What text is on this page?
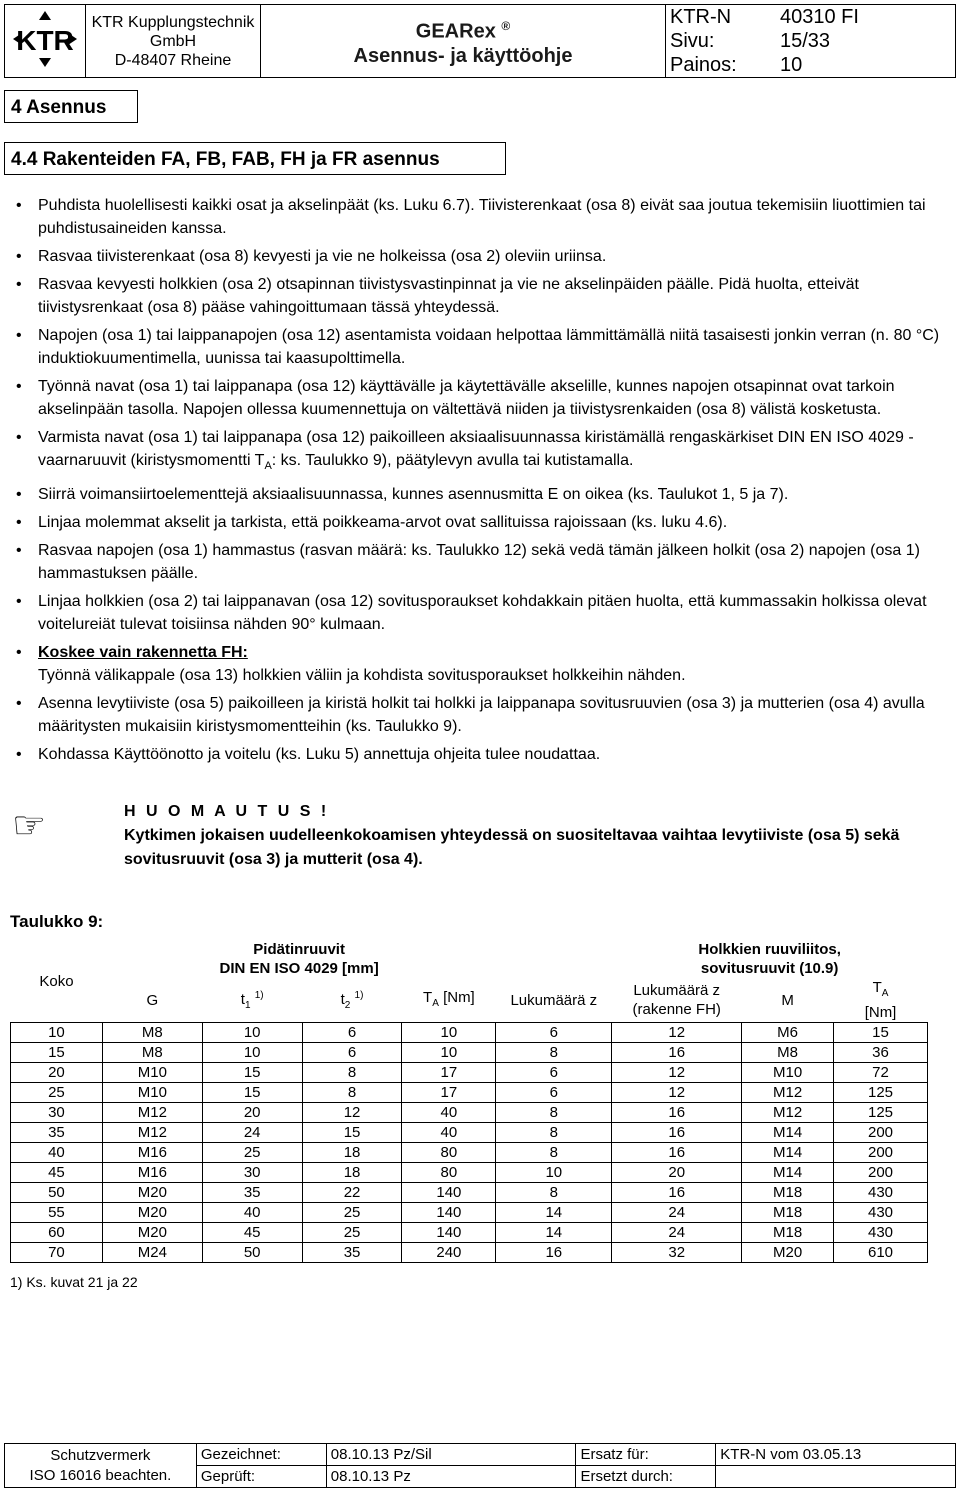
KTR

KTR Kupplungstechnik
GmbH
D-48407 Rheine

GEARex ®
Asennus- ja käyttöohje

KTR-N	40310 FI
Sivu:	15/33
Painos:	10
4 Asennus
4.4 Rakenteiden FA, FB, FAB, FH ja FR asennus
• Puhdista huolellisesti kaikki osat ja akselinpäät (ks. Luku 6.7). Tiivisterenkaat (osa 8) eivät saa joutua tekemisiin liuottimien tai puhdistusaineiden kanssa.
• Rasvaa tiivisterenkaat (osa 8) kevyesti ja vie ne holkeissa (osa 2) oleviin uriinsa.
• Rasvaa kevyesti holkkien (osa 2) otsapinnan tiivistysvastinpinnat ja vie ne akselinpäiden päälle. Pidä huolta, etteivät tiivistysrenkaat (osa 8) pääse vahingoittumaan tässä yhteydessä.
• Napojen (osa 1) tai laippanapojen (osa 12) asentamista voidaan helpottaa lämmittämällä niitä tasaisesti jonkin verran (n. 80 °C) induktiokuumentimella, uunissa tai kaasupolttimella.
• Työnnä navat (osa 1) tai laippanapa (osa 12) käyttävälle ja käytettävälle akselille, kunnes napojen otsapinnat ovat tarkoin akselinpään tasolla. Napojen ollessa kuumennettuja on vältettävä niiden ja tiivistysrenkaiden (osa 8) välistä kosketusta.
• Varmista navat (osa 1) tai laippanapa (osa 12) paikoilleen aksiaalisuunnassa kiristämällä rengaskärkiset DIN EN ISO 4029 -vaarnaruuvit (kiristysmomentti $T_A$: ks. Taulukko 9), päätylevyn avulla tai kutistamalla.
• Siirrä voimansiirtoelementtejä aksiaalisuunnassa, kunnes asennusmitta E on oikea (ks. Taulukot 1, 5 ja 7).
• Linjaa molemmat akselit ja tarkista, että poikkeama-arvot ovat sallituissa rajoissaan (ks. luku 4.6).
• Rasvaa napojen (osa 1) hammastus (rasvan määrä: ks. Taulukko 12) sekä vedä tämän jälkeen holkit (osa 2) napojen (osa 1) hammastuksen päälle.
• Linjaa holkkien (osa 2) tai laippanavan (osa 12) sovitusporaukset kohdakkain pitäen huolta, että kummassakin holkissa olevat voitelureiät tulevat toisiinsa nähden 90° kulmaan.
• Koskee vain rakennetta FH:
Työnnä välikappale (osa 13) holkkien väliin ja kohdista sovitusporaukset holkkeihin nähden.
• Asenna levytiiviste (osa 5) paikoilleen ja kiristä holkit tai holkki ja laippanapa sovitusruuvien (osa 3) ja mutterien (osa 4) avulla määritysten mukaisiin kiristysmomentteihin (ks. Taulukko 9).
• Kohdassa Käyttöönotto ja voitelu (ks. Luku 5) annettuja ohjeita tulee noudattaa.
☞	H U O M A U T U S !
Kytkimen jokaisen uudelleenkokoamisen yhteydessä on suositeltavaa vaihtaa levytiiviste (osa 5) sekä sovitusruuvit (osa 3) ja mutterit (osa 4).
Taulukko 9:
Koko	Pidätinruuvit
DIN EN ISO 4029 [mm]					Holkkien ruuviliitos,
sovitusruuvit (10.9)		
	G	$t_1$ $^{1)}$	$t_2$ $^{1)}$	$T_A$ [Nm]	Lukumäärä z	Lukumäärä z
(rakenne FH)	M	$T_A$
[Nm]
10	M8	10	6	10	6	12	M6	15
15	M8	10	6	10	8	16	M8	36
20	M10	15	8	17	6	12	M10	72
25	M10	15	8	17	6	12	M12	125
30	M12	20	12	40	8	16	M12	125
35	M12	24	15	40	8	16	M14	200
40	M16	25	18	80	8	16	M14	200
45	M16	30	18	80	10	20	M14	200
50	M20	35	22	140	8	16	M18	430
55	M20	40	25	140	14	24	M18	430
60	M20	45	25	140	14	24	M18	430
70	M24	50	35	240	16	32	M20	610
1) Ks. kuvat 21 ja 22
Schutzvermerk
ISO 16016 beachten.	Gezeichnet:	08.10.13 Pz/Sil	Ersatz für:	KTR-N vom 03.05.13
	Geprüft:	08.10.13 Pz	Ersetzt durch:	
